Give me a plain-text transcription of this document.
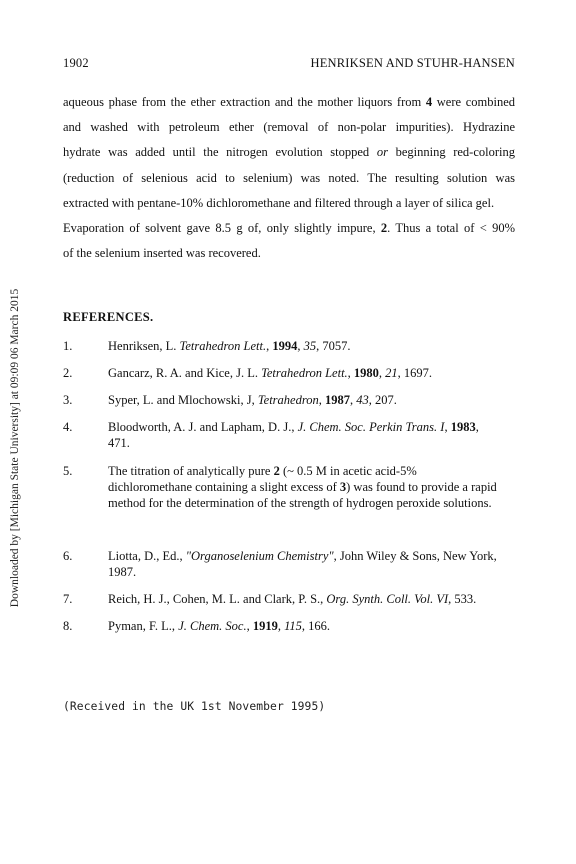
1902	HENRIKSEN AND STUHR-HANSEN
aqueous phase from the ether extraction and the mother liquors from 4 were combined
and washed with petroleum ether (removal of non-polar impurities). Hydrazine
hydrate was added until the nitrogen evolution stopped or beginning red-coloring
(reduction of selenious acid to selenium) was noted. The resulting solution was
extracted with pentane-10% dichloromethane and filtered through a layer of silica gel.
Evaporation of solvent gave 8.5 g of, only slightly impure, 2. Thus a total of < 90%
of the selenium inserted was recovered.
Downloaded by [Michigan State University] at 09:09 06 March 2015	REFERENCES.
1.	Henriksen, L. Tetrahedron Lett., 1994, 35, 7057.
2.	Gancarz, R. A. and Kice, J. L. Tetrahedron Lett., 1980, 21, 1697.
3.	Syper, L. and Mlochowski, J, Tetrahedron, 1987, 43, 207.
4.	Bloodworth, A. J. and Lapham, D. J., J. Chem. Soc. Perkin Trans. I, 1983,
471.
5.	The titration of analytically pure 2 (~ 0.5 M in acetic acid-5% dichloromethane containing a slight excess of 3) was found to provide a rapid method for the determination of the strength of hydrogen peroxide solutions.
6.	Liotta, D., Ed., "Organoselenium Chemistry", John Wiley & Sons, New York, 1987.
7.	Reich, H. J., Cohen, M. L. and Clark, P. S., Org. Synth. Coll. Vol. VI, 533.
8.	Pyman, F. L., J. Chem. Soc., 1919, 115, 166.
(Received in the UK 1st November 1995)
